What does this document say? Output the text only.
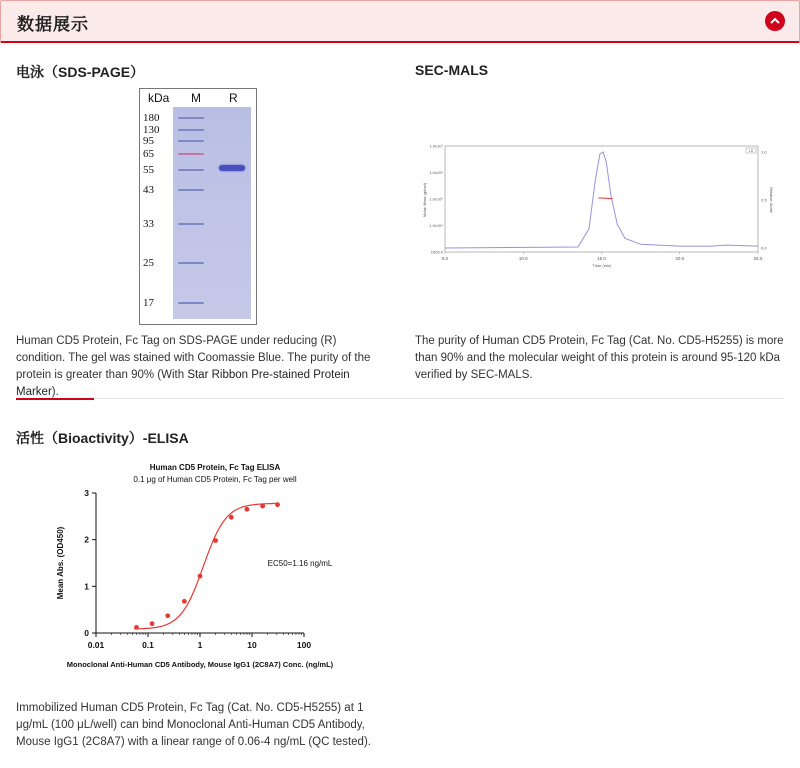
数据展示
电泳（SDS-PAGE）
kDa M R
180
130
95
65
55
43
33
25
17
Human CD5 Protein, Fc Tag on SDS-PAGE under reducing (R) condition. The gel was stained with Coomassie Blue. The purity of the protein is greater than 90% (With Star Ribbon Pre-stained Protein Marker).
SEC-MALS
5.0	10.0	15.0	20.0	25.0
1000.0
1.0x10⁴
1.0x10⁵
1.0x10⁶
1.0x10⁷
0.0
0.5
1.0
LS
Time (min)
Molar Mass (g/mol)	Relative Scale
The purity of Human CD5 Protein, Fc Tag (Cat. No. CD5-H5255) is more than 90% and the molecular weight of this protein is around 95-120 kDa verified by SEC-MALS.
活性（Bioactivity）-ELISA
Human CD5 Protein, Fc Tag ELISA
0.1 μg of Human CD5 Protein, Fc Tag per well
0.01	0.1	1	10	100
0
1
2
3
EC50=1.16 ng/mL
Monoclonal Anti-Human CD5 Antibody, Mouse IgG1 (2C8A7) Conc. (ng/mL)
Mean Abs. (OD450)
Immobilized Human CD5 Protein, Fc Tag (Cat. No. CD5-H5255) at 1 μg/mL (100 μL/well) can bind Monoclonal Anti-Human CD5 Antibody, Mouse IgG1 (2C8A7) with a linear range of 0.06-4 ng/mL (QC tested).
